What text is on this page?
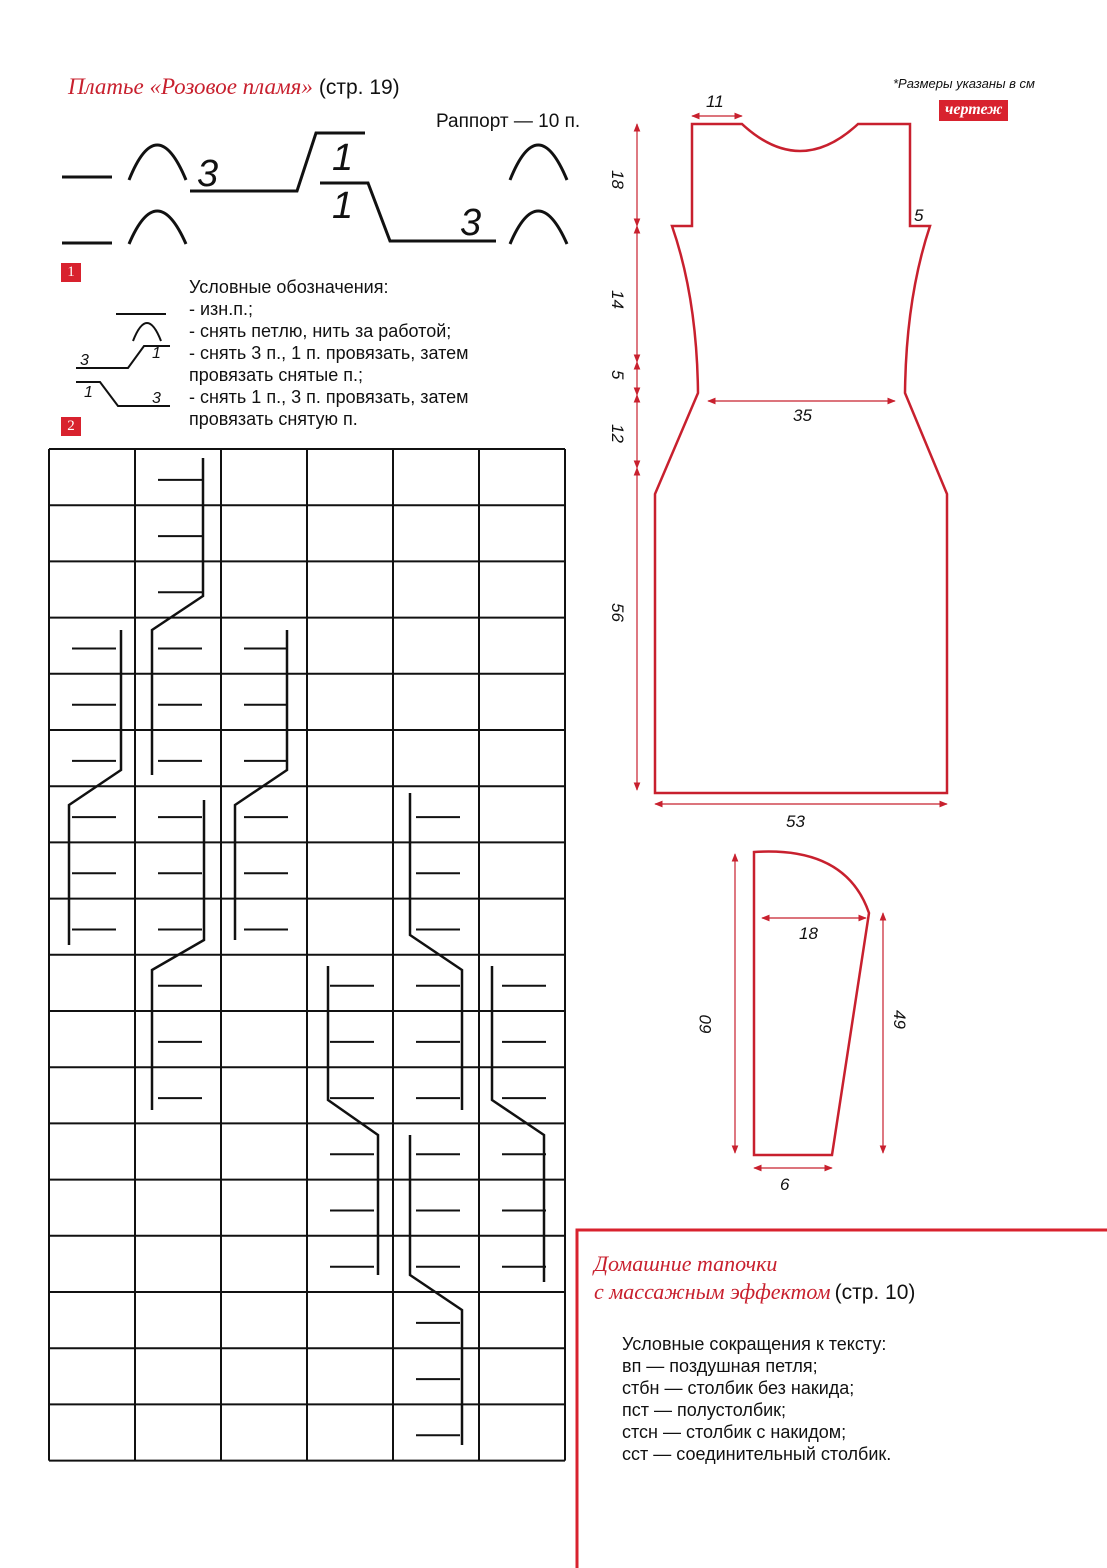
Платье «Розовое пламя» (стр. 19)
Раппорт — 10 п.
3	1
1	3
1
2
3	1
1	3
Условные обозначения:
- изн.п.;
- снять петлю, нить за работой;
- снять 3 п., 1 п. провязать, затем
провязать снятые п.;
- снять 1 п., 3 п. провязать, затем
провязать снятую п.
*Размеры указаны в см
чертеж
11
5
18
14
5
12
56
35
53
18
60	49
6
Домашние тапочки
с массажным эффектом (стр. 10)
Условные сокращения к тексту:
вп — поздушная петля;
стбн — столбик без накида;
пст — полустолбик;
стсн — столбик с накидом;
сст — соединительный столбик.
